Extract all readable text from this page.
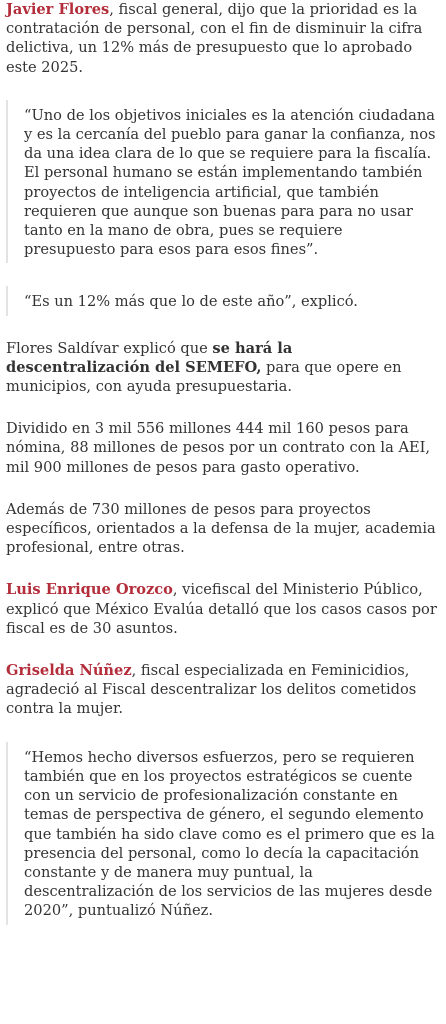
Javier Flores, fiscal general, dijo que la prioridad es la contratación de personal, con el fin de disminuir la cifra delictiva, un 12% más de presupuesto que lo aprobado este 2025.

“Uno de los objetivos iniciales es la atención ciudadana y es la cercanía del pueblo para ganar la confianza, nos da una idea clara de lo que se requiere para la fiscalía. El personal humano se están implementando también proyectos de inteligencia artificial, que también requieren que aunque son buenas para para no usar tanto en la mano de obra, pues se requiere presupuesto para esos para esos fines”.

“Es un 12% más que lo de este año”, explicó.

Flores Saldívar explicó que se hará la descentralización del SEMEFO, para que opere en municipios, con ayuda presupuestaria.

Dividido en 3 mil 556 millones 444 mil 160 pesos para nómina, 88 millones de pesos por un contrato con la AEI, mil 900 millones de pesos para gasto operativo.

Además de 730 millones de pesos para proyectos específicos, orientados a la defensa de la mujer, academia profesional, entre otras.

Luis Enrique Orozco, vicefiscal del Ministerio Público, explicó que México Evalúa detalló que los casos casos por fiscal es de 30 asuntos.

Griselda Núñez, fiscal especializada en Feminicidios, agradeció al Fiscal descentralizar los delitos cometidos contra la mujer.

“Hemos hecho diversos esfuerzos, pero se requieren también que en los proyectos estratégicos se cuente con un servicio de profesionalización constante en temas de perspectiva de género, el segundo elemento que también ha sido clave como es el primero que es la presencia del personal, como lo decía la capacitación constante y de manera muy puntual, la descentralización de los servicios de las mujeres desde 2020”, puntualizó Núñez.
